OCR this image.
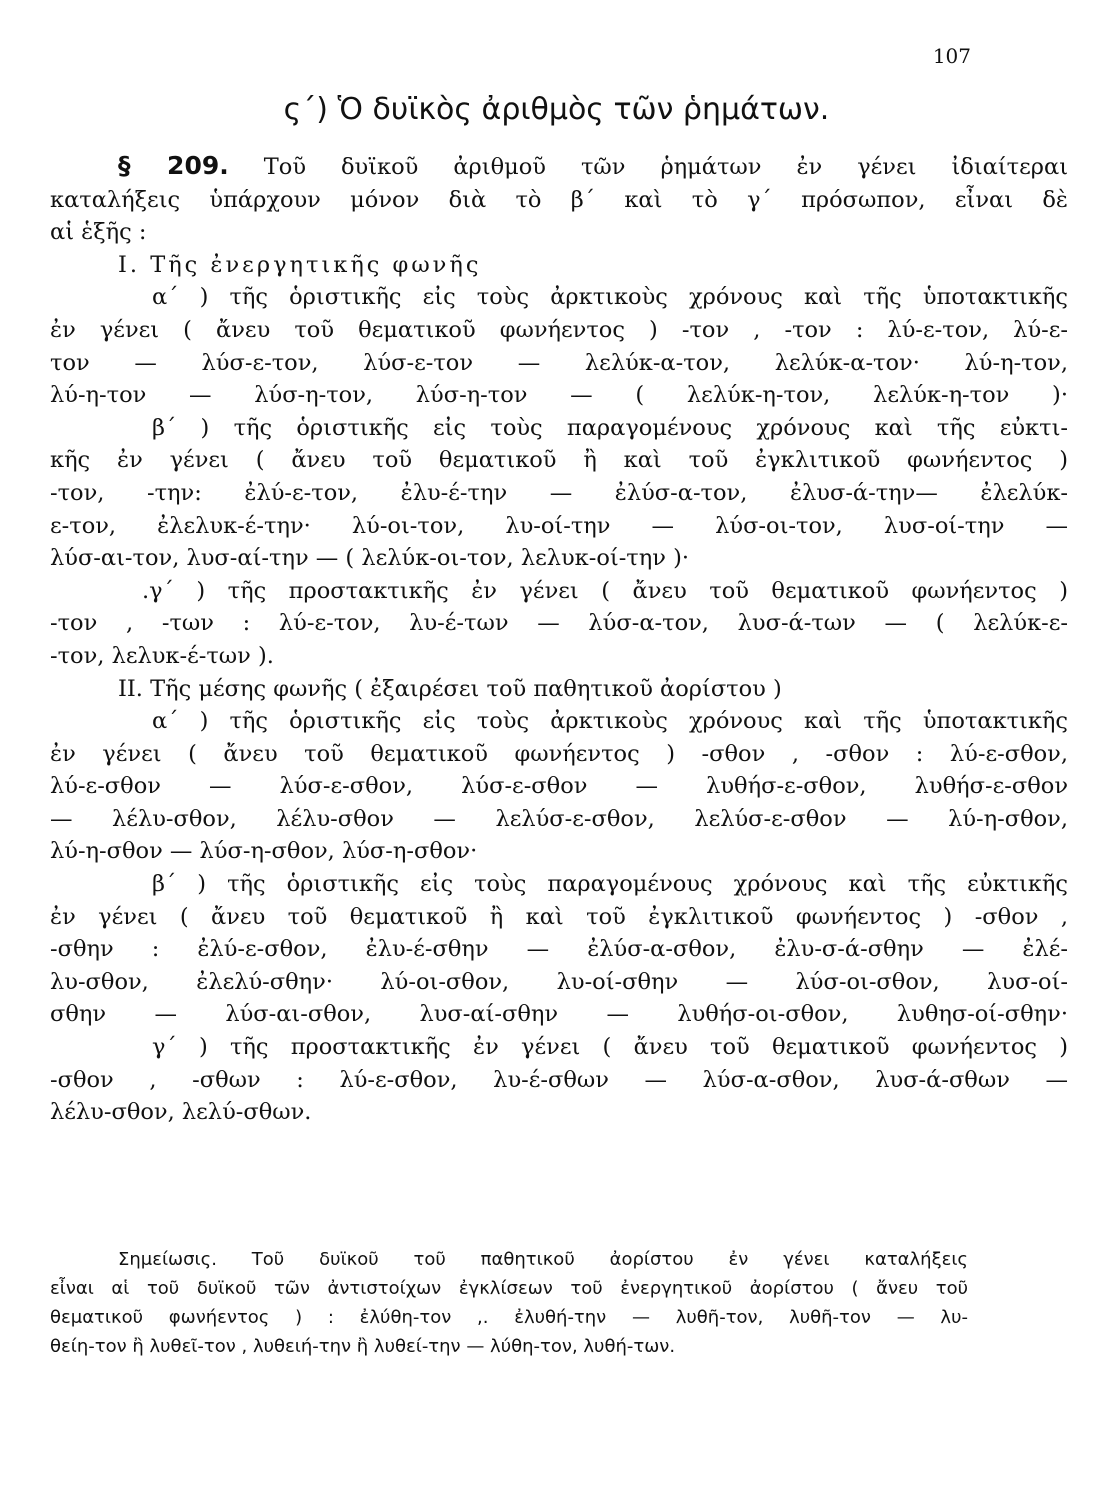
107
ς΄) Ὁ δυϊκὸς ἀριθμὸς τῶν ῥημάτων.
§ 209. Τοῦ δυϊκοῦ ἀριθμοῦ τῶν ῥημάτων ἐν γένει ἰδιαίτεραι
καταλήξεις ὑπάρχουν μόνον διὰ τὸ β΄ καὶ τὸ γ΄ πρόσωπον, εἶναι δὲ
αἱ ἑξῆς :
I. Τῆς ἐνεργητικῆς φωνῆς
α΄ ) τῆς ὁριστικῆς εἰς τοὺς ἀρκτικοὺς χρόνους καὶ τῆς ὑποτακτικῆς
ἐν γένει ( ἄνευ τοῦ θεματικοῦ φωνήεντος ) -τον , -τον : λύ-ε-τον, λύ-ε-
τον — λύσ-ε-τον, λύσ-ε-τον — λελύκ-α-τον, λελύκ-α-τον· λύ-η-τον,
λύ-η-τον — λύσ-η-τον, λύσ-η-τον — ( λελύκ-η-τον, λελύκ-η-τον )·
β΄ ) τῆς ὁριστικῆς εἰς τοὺς παραγομένους χρόνους καὶ τῆς εὐκτι-
κῆς ἐν γένει ( ἄνευ τοῦ θεματικοῦ ἢ καὶ τοῦ ἐγκλιτικοῦ φωνήεντος )
-τον, -την: ἐλύ-ε-τον, ἐλυ-έ-την — ἐλύσ-α-τον, ἐλυσ-ά-την— ἐλελύκ-
ε-τον, ἐλελυκ-έ-την· λύ-οι-τον, λυ-οί-την — λύσ-οι-τον, λυσ-οί-την —
λύσ-αι-τον, λυσ-αί-την — ( λελύκ-οι-τον, λελυκ-οί-την )·
.γ΄ ) τῆς προστακτικῆς ἐν γένει ( ἄνευ τοῦ θεματικοῦ φωνήεντος )
-τον , -των : λύ-ε-τον, λυ-έ-των — λύσ-α-τον, λυσ-ά-των — ( λελύκ-ε-
-τον, λελυκ-έ-των ).
II. Τῆς μέσης φωνῆς ( ἐξαιρέσει τοῦ παθητικοῦ ἀορίστου )
α΄ ) τῆς ὁριστικῆς εἰς τοὺς ἀρκτικοὺς χρόνους καὶ τῆς ὑποτακτικῆς
ἐν γένει ( ἄνευ τοῦ θεματικοῦ φωνήεντος ) -σθον , -σθον : λύ-ε-σθον,
λύ-ε-σθον — λύσ-ε-σθον, λύσ-ε-σθον — λυθήσ-ε-σθον, λυθήσ-ε-σθον
— λέλυ-σθον, λέλυ-σθον — λελύσ-ε-σθον, λελύσ-ε-σθον — λύ-η-σθον,
λύ-η-σθον — λύσ-η-σθον, λύσ-η-σθον·
β΄ ) τῆς ὁριστικῆς εἰς τοὺς παραγομένους χρόνους καὶ τῆς εὐκτικῆς
ἐν γένει ( ἄνευ τοῦ θεματικοῦ ἢ καὶ τοῦ ἐγκλιτικοῦ φωνήεντος ) -σθον ,
-σθην : ἐλύ-ε-σθον, ἐλυ-έ-σθην — ἐλύσ-α-σθον, ἐλυ-σ-ά-σθην — ἐλέ-
λυ-σθον, ἐλελύ-σθην· λύ-οι-σθον, λυ-οί-σθην — λύσ-οι-σθον, λυσ-οί-
σθην — λύσ-αι-σθον, λυσ-αί-σθην — λυθήσ-οι-σθον, λυθησ-οί-σθην·
γ΄ ) τῆς προστακτικῆς ἐν γένει ( ἄνευ τοῦ θεματικοῦ φωνήεντος )
-σθον , -σθων : λύ-ε-σθον, λυ-έ-σθων — λύσ-α-σθον, λυσ-ά-σθων —
λέλυ-σθον, λελύ-σθων.
Σημείωσις. Τοῦ δυϊκοῦ τοῦ παθητικοῦ ἀορίστου ἐν γένει καταλήξεις
εἶναι αἱ τοῦ δυϊκοῦ τῶν ἀντιστοίχων ἐγκλίσεων τοῦ ἐνεργητικοῦ ἀορίστου ( ἄνευ τοῦ
θεματικοῦ φωνήεντος ) : ἐλύθη-τον ,. ἐλυθή-την — λυθῆ-τον, λυθῆ-τον — λυ-
θείη-τον ἢ λυθεῖ-τον , λυθειή-την ἢ λυθεί-την — λύθη-τον, λυθή-των.
